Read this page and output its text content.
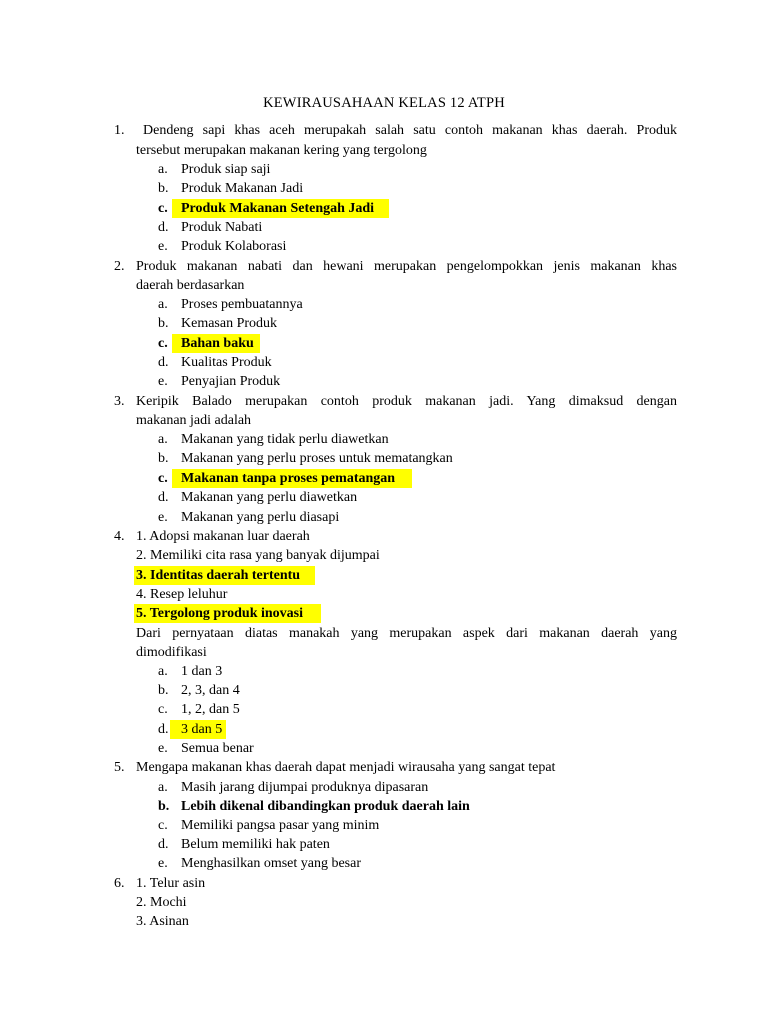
KEWIRAUSAHAAN KELAS 12 ATPH
1. Dendeng sapi khas aceh merupakah salah satu contoh makanan khas daerah. Produk
tersebut merupakan makanan kering yang tergolong
a. Produk siap saji
b. Produk Makanan Jadi
c. Produk Makanan Setengah Jadi
d. Produk Nabati
e. Produk Kolaborasi
2. Produk makanan nabati dan hewani merupakan pengelompokkan jenis makanan khas
daerah berdasarkan
a. Proses pembuatannya
b. Kemasan Produk
c. Bahan baku
d. Kualitas Produk
e. Penyajian Produk
3. Keripik Balado merupakan contoh produk makanan jadi. Yang dimaksud dengan
makanan jadi adalah
a. Makanan yang tidak perlu diawetkan
b. Makanan yang perlu proses untuk mematangkan
c. Makanan tanpa proses pematangan
d. Makanan yang perlu diawetkan
e. Makanan yang perlu diasapi
4. 1. Adopsi makanan luar daerah
2. Memiliki cita rasa yang banyak dijumpai
3. Identitas daerah tertentu
4. Resep leluhur
5. Tergolong produk inovasi
Dari pernyataan diatas manakah yang merupakan aspek dari makanan daerah yang
dimodifikasi
a. 1 dan 3
b. 2, 3, dan 4
c. 1, 2, dan 5
d. 3 dan 5
e. Semua benar
5. Mengapa makanan khas daerah dapat menjadi wirausaha yang sangat tepat
a. Masih jarang dijumpai produknya dipasaran
b. Lebih dikenal dibandingkan produk daerah lain
c. Memiliki pangsa pasar yang minim
d. Belum memiliki hak paten
e. Menghasilkan omset yang besar
6. 1. Telur asin
2. Mochi
3. Asinan
